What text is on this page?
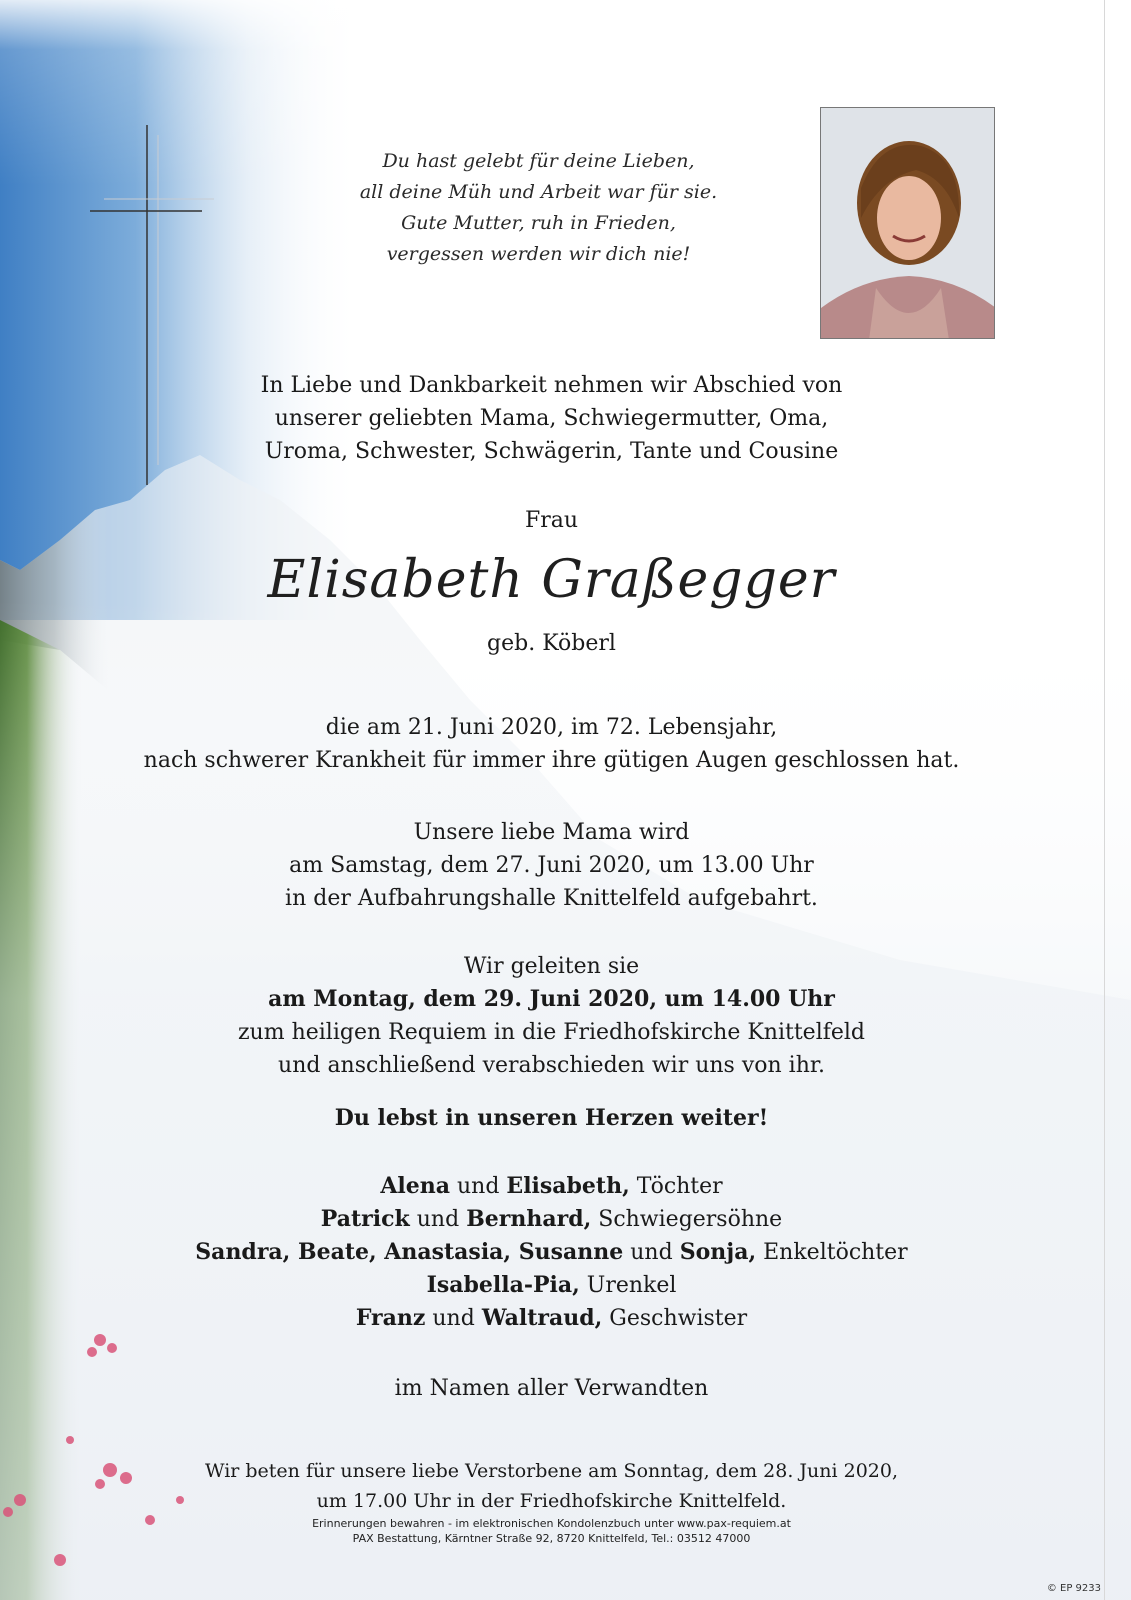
Du hast gelebt für deine Lieben,
all deine Müh und Arbeit war für sie.
Gute Mutter, ruh in Frieden,
vergessen werden wir dich nie!
In Liebe und Dankbarkeit nehmen wir Abschied von
unserer geliebten Mama, Schwiegermutter, Oma,
Uroma, Schwester, Schwägerin, Tante und Cousine
Frau
Elisabeth Graßegger
geb. Köberl
die am 21. Juni 2020, im 72. Lebensjahr,
nach schwerer Krankheit für immer ihre gütigen Augen geschlossen hat.
Unsere liebe Mama wird
am Samstag, dem 27. Juni 2020, um 13.00 Uhr
in der Aufbahrungshalle Knittelfeld aufgebahrt.
Wir geleiten sie
am Montag, dem 29. Juni 2020, um 14.00 Uhr
zum heiligen Requiem in die Friedhofskirche Knittelfeld
und anschließend verabschieden wir uns von ihr.
Du lebst in unseren Herzen weiter!
Alena und Elisabeth, Töchter
Patrick und Bernhard, Schwiegersöhne
Sandra, Beate, Anastasia, Susanne und Sonja, Enkeltöchter
Isabella-Pia, Urenkel
Franz und Waltraud, Geschwister
im Namen aller Verwandten
Wir beten für unsere liebe Verstorbene am Sonntag, dem 28. Juni 2020,
um 17.00 Uhr in der Friedhofskirche Knittelfeld.
Erinnerungen bewahren - im elektronischen Kondolenzbuch unter www.pax-requiem.at
PAX Bestattung, Kärntner Straße 92, 8720 Knittelfeld, Tel.: 03512 47000
© EP 9233
